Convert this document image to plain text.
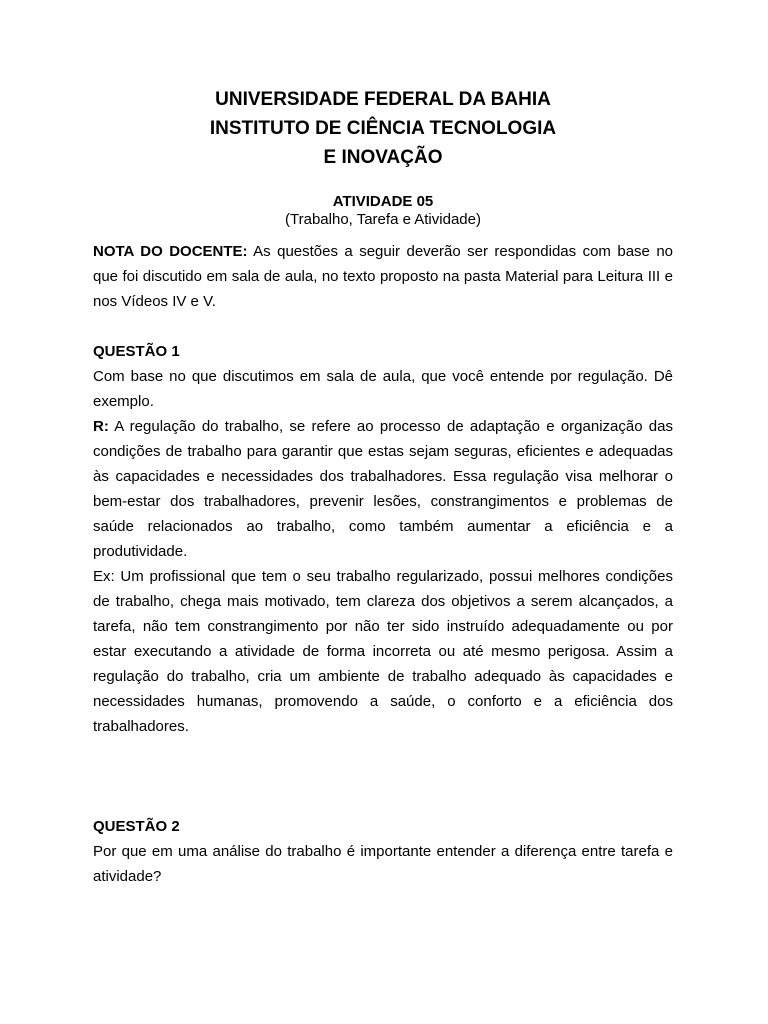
UNIVERSIDADE FEDERAL DA BAHIA
INSTITUTO DE CIÊNCIA TECNOLOGIA
E INOVAÇÃO
ATIVIDADE 05
(Trabalho, Tarefa e Atividade)

NOTA DO DOCENTE: As questões a seguir deverão ser respondidas com base no que foi discutido em sala de aula, no texto proposto na pasta Material para Leitura III e nos Vídeos IV e V.

QUESTÃO 1

Com base no que discutimos em sala de aula, que você entende por regulação. Dê exemplo.

R: A regulação do trabalho, se refere ao processo de adaptação e organização das condições de trabalho para garantir que estas sejam seguras, eficientes e adequadas às capacidades e necessidades dos trabalhadores. Essa regulação visa melhorar o bem-estar dos trabalhadores, prevenir lesões, constrangimentos e problemas de saúde relacionados ao trabalho, como também aumentar a eficiência e a produtividade.

Ex: Um profissional que tem o seu trabalho regularizado, possui melhores condições de trabalho, chega mais motivado, tem clareza dos objetivos a serem alcançados, a tarefa, não tem constrangimento por não ter sido instruído adequadamente ou por estar executando a atividade de forma incorreta ou até mesmo perigosa. Assim a regulação do trabalho, cria um ambiente de trabalho adequado às capacidades e necessidades humanas, promovendo a saúde, o conforto e a eficiência dos trabalhadores.

QUESTÃO 2

Por que em uma análise do trabalho é importante entender a diferença entre tarefa e atividade?
